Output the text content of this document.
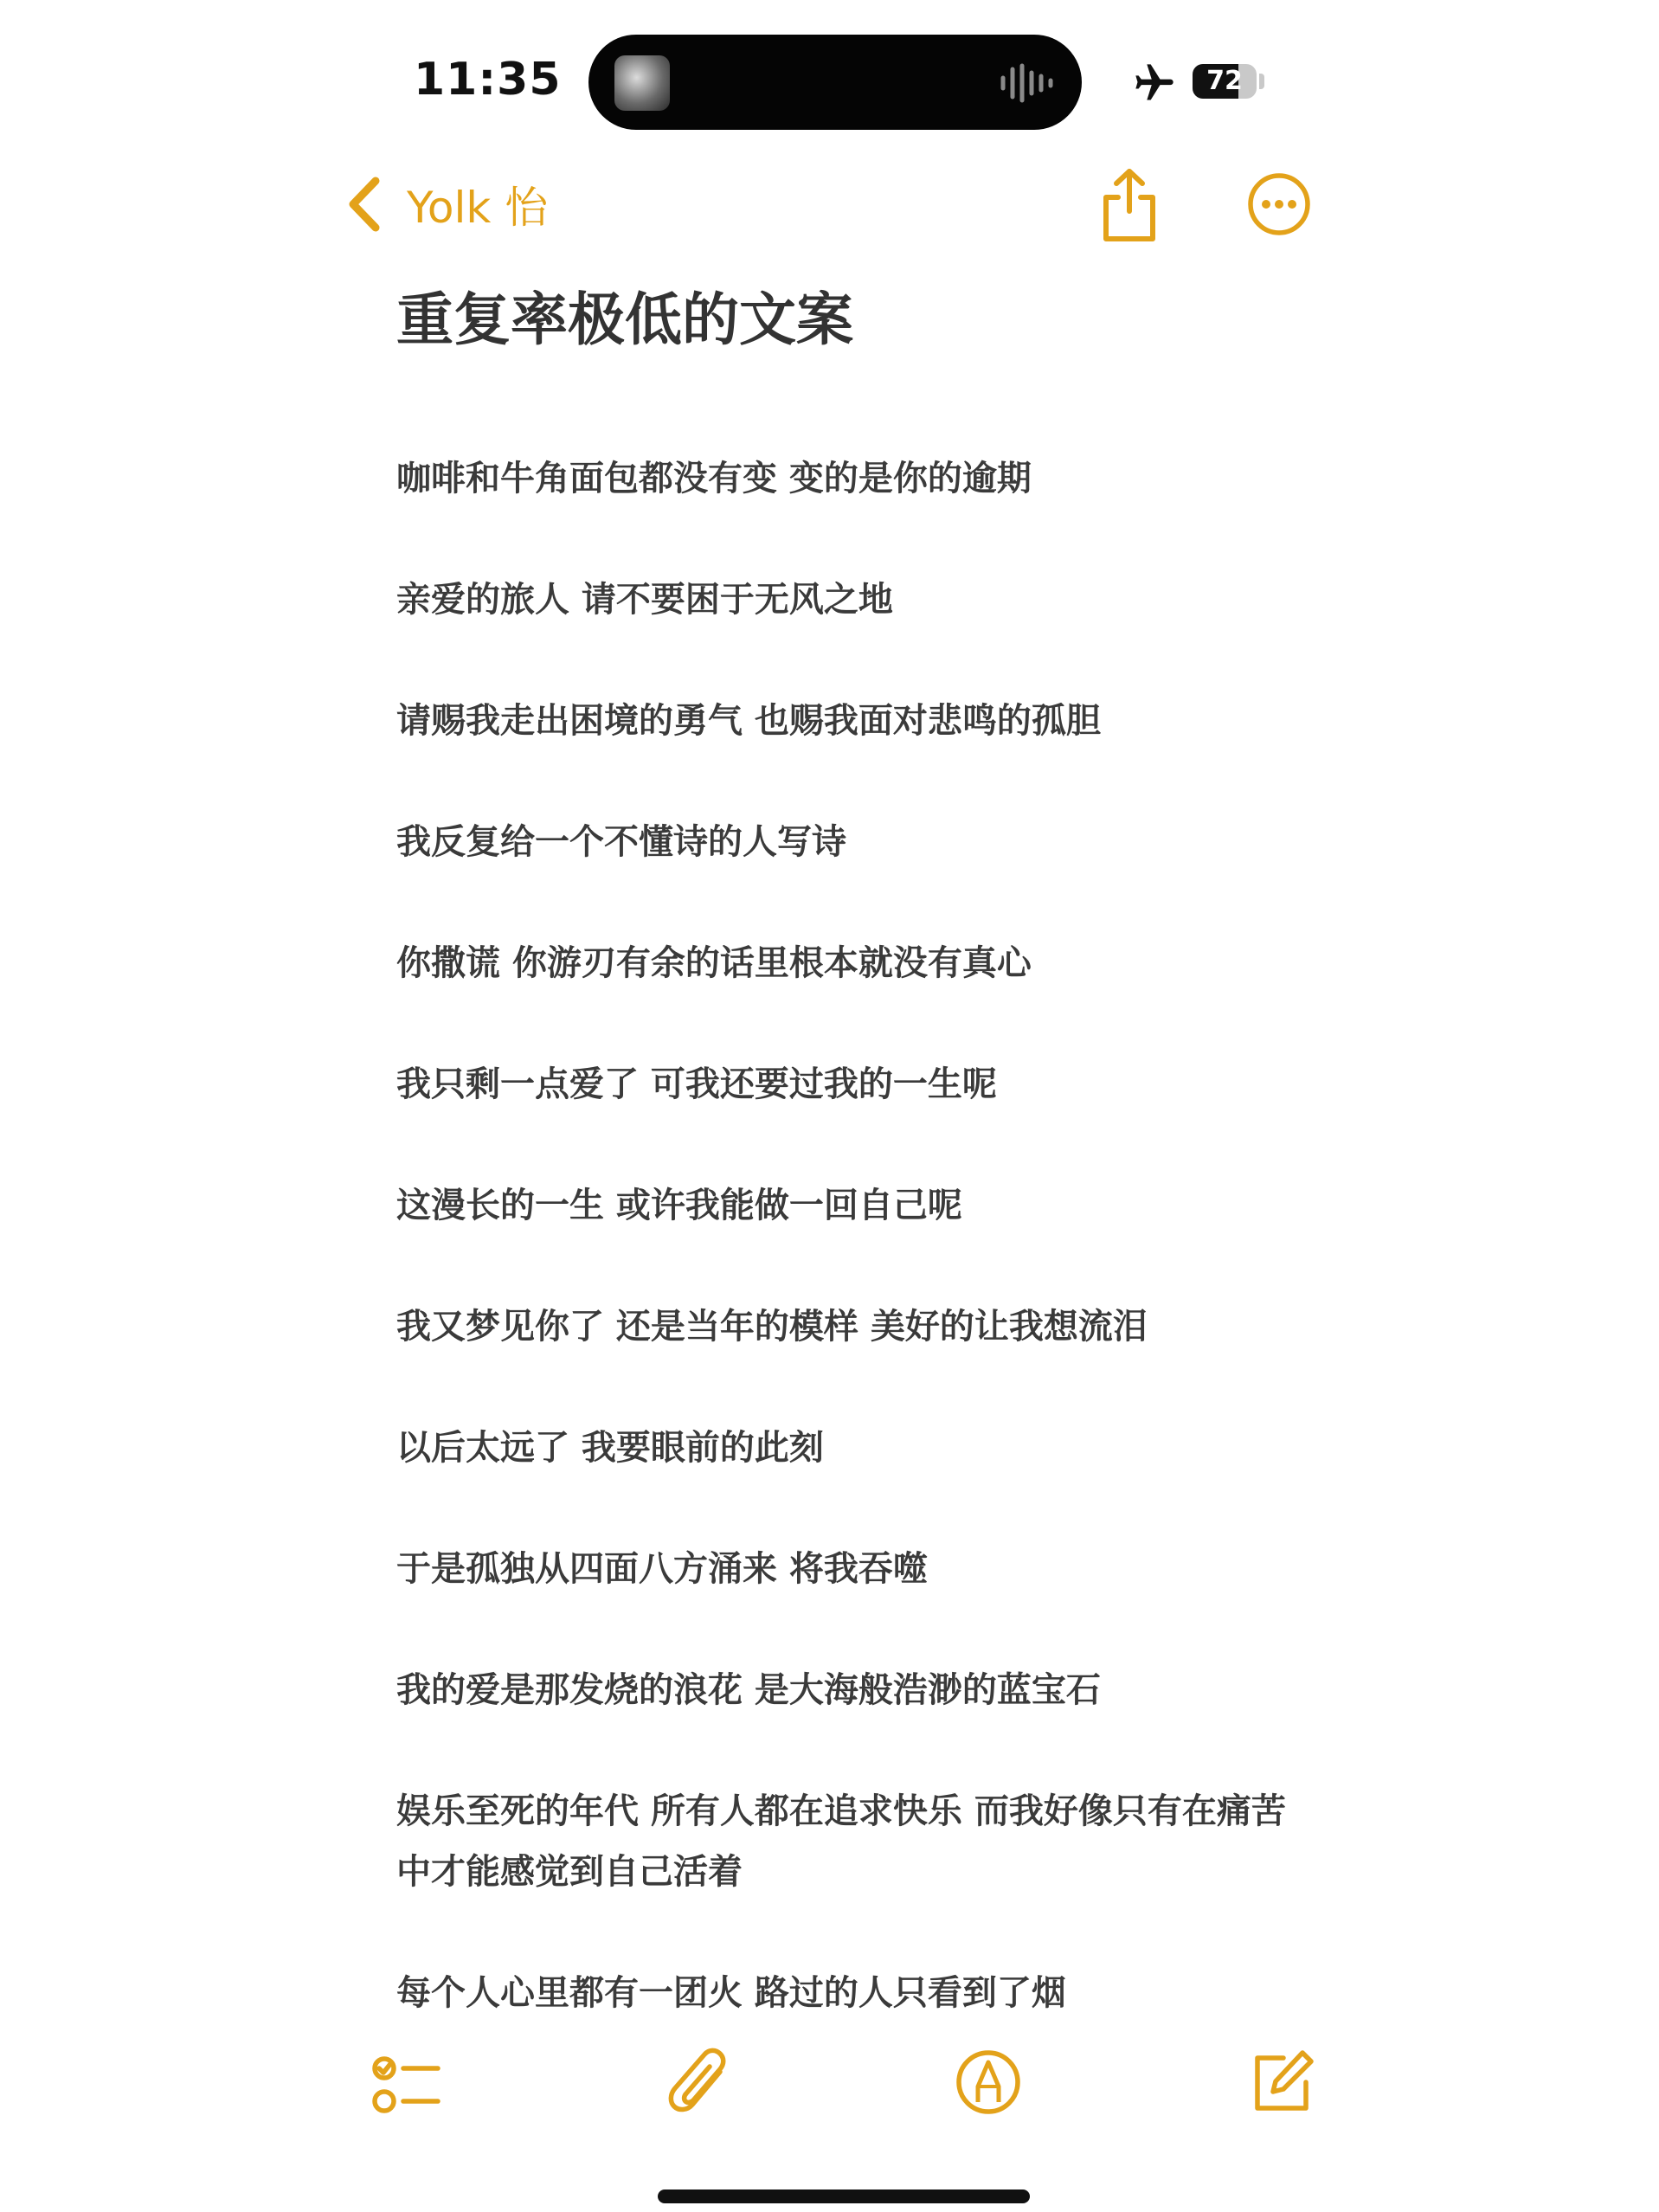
11:35	72
Yolk 怡
重复率极低的文案

咖啡和牛角面包都没有变 变的是你的逾期

亲爱的旅人 请不要困于无风之地

请赐我走出困境的勇气 也赐我面对悲鸣的孤胆

我反复给一个不懂诗的人写诗

你撒谎 你游刃有余的话里根本就没有真心

我只剩一点爱了 可我还要过我的一生呢

这漫长的一生 或许我能做一回自己呢

我又梦见你了 还是当年的模样 美好的让我想流泪

以后太远了 我要眼前的此刻

于是孤独从四面八方涌来 将我吞噬

我的爱是那发烧的浪花 是大海般浩渺的蓝宝石

娱乐至死的年代 所有人都在追求快乐 而我好像只有在痛苦中才能感觉到自己活着

每个人心里都有一团火 路过的人只看到了烟
